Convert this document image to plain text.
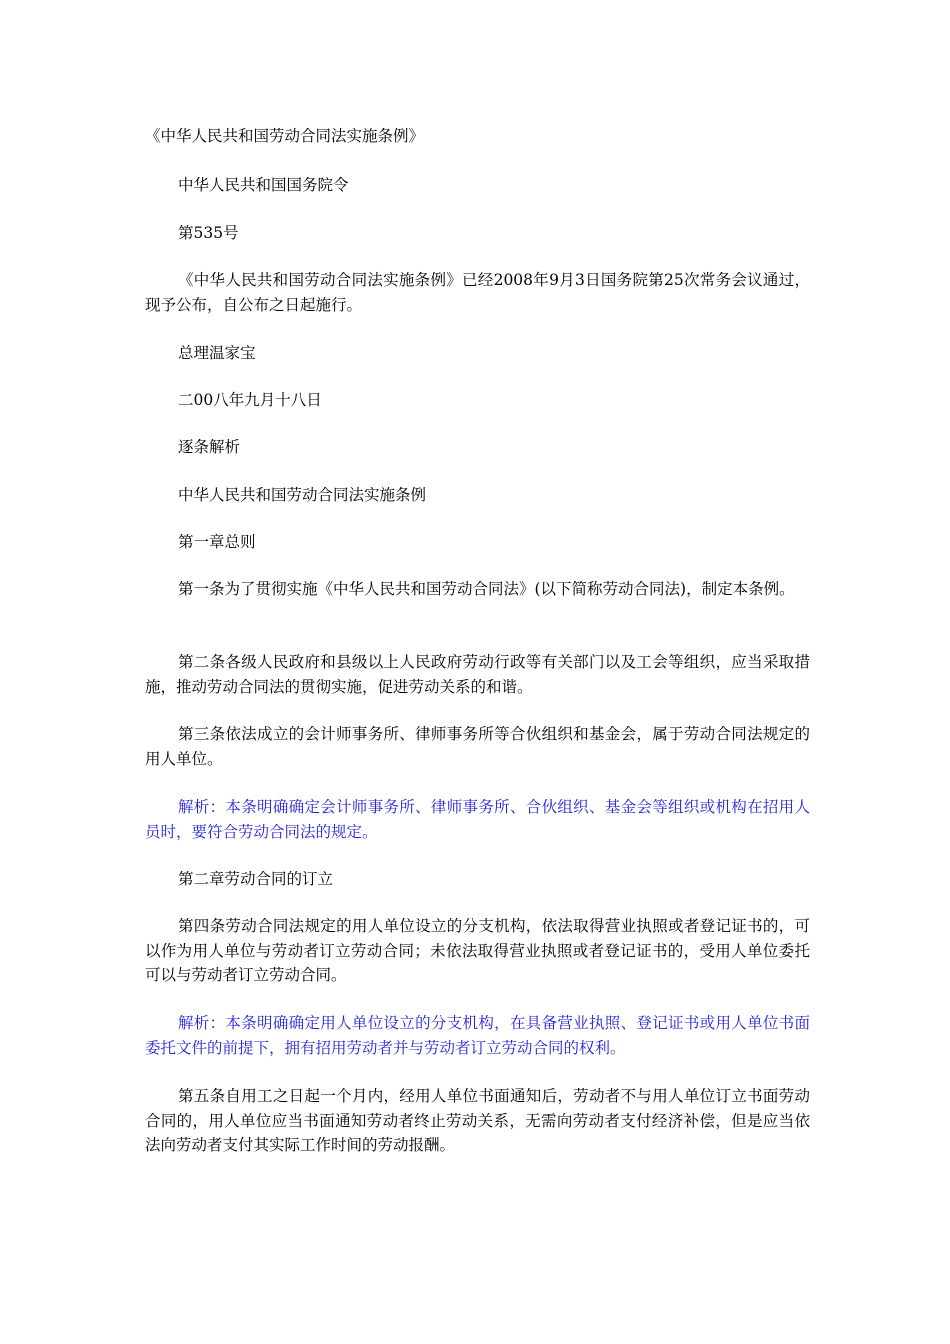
《中华人民共和国劳动合同法实施条例》

中华人民共和国国务院令

第535号

《中华人民共和国劳动合同法实施条例》已经2008年9月3日国务院第25次常务会议通过，现予公布，自公布之日起施行。

总理温家宝

二00八年九月十八日

逐条解析

中华人民共和国劳动合同法实施条例

第一章总则

第一条为了贯彻实施《中华人民共和国劳动合同法》(以下简称劳动合同法)，制定本条例。

第二条各级人民政府和县级以上人民政府劳动行政等有关部门以及工会等组织，应当采取措施，推动劳动合同法的贯彻实施，促进劳动关系的和谐。

第三条依法成立的会计师事务所、律师事务所等合伙组织和基金会，属于劳动合同法规定的用人单位。

解析：本条明确确定会计师事务所、律师事务所、合伙组织、基金会等组织或机构在招用人员时，要符合劳动合同法的规定。

第二章劳动合同的订立

第四条劳动合同法规定的用人单位设立的分支机构，依法取得营业执照或者登记证书的，可以作为用人单位与劳动者订立劳动合同；未依法取得营业执照或者登记证书的，受用人单位委托可以与劳动者订立劳动合同。

解析：本条明确确定用人单位设立的分支机构，在具备营业执照、登记证书或用人单位书面委托文件的前提下，拥有招用劳动者并与劳动者订立劳动合同的权利。

第五条自用工之日起一个月内，经用人单位书面通知后，劳动者不与用人单位订立书面劳动合同的，用人单位应当书面通知劳动者终止劳动关系，无需向劳动者支付经济补偿，但是应当依法向劳动者支付其实际工作时间的劳动报酬。
